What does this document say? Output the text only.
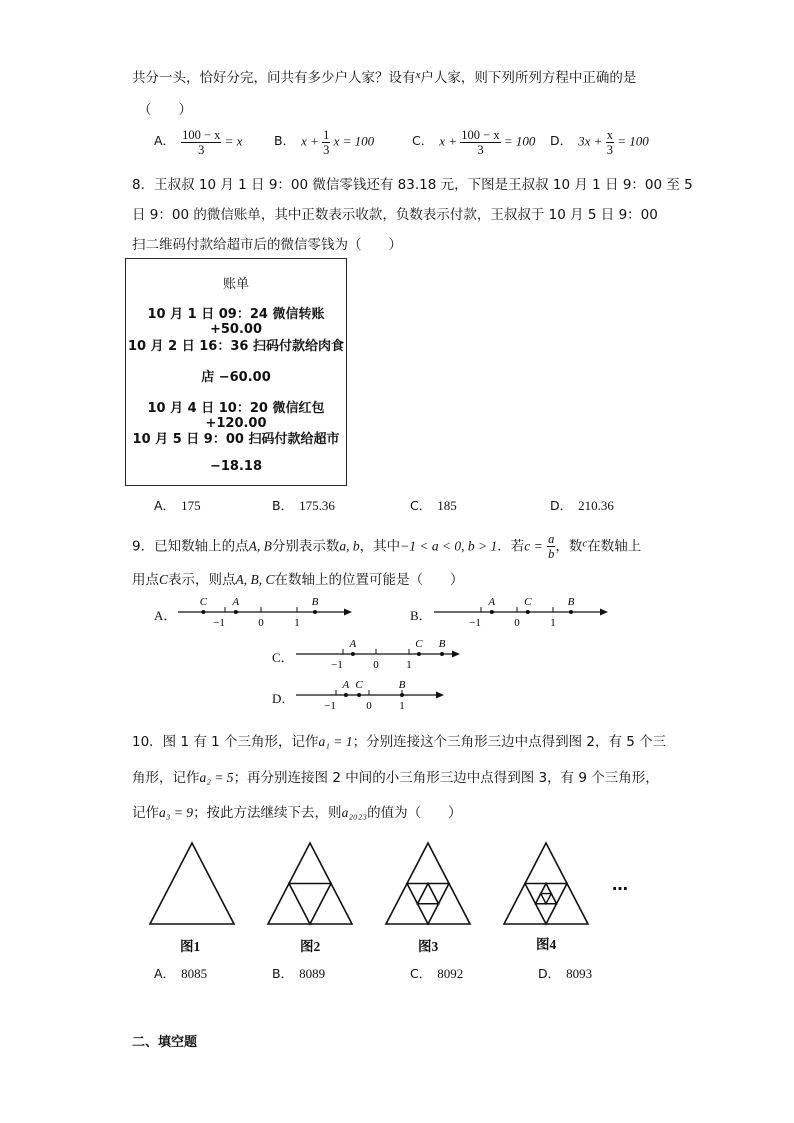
共分一头，恰好分完，问共有多少户人家？设有$^x$户人家，则下列所列方程中正确的是
（　　）
A． $\frac{100 - x}{3} = x$	B． $x + \frac{1}{3}$ x = 100	C． $x + \frac{100 - x}{3} = 100$ D． $3x + \frac{x}{3} = 100$
8．王叔叔 10 月 1 日 9：00 微信零钱还有 83.18 元，下图是王叔叔 10 月 1 日 9：00 至 5
日 9：00 的微信账单，其中正数表示收款，负数表示付款，王叔叔于 10 月 5 日 9：00
扫二维码付款给超市后的微信零钱为（　　）
账单
10 月 1 日 09：24 微信转账 +50.00
10 月 2 日 16：36 扫码付款给肉食
店 −60.00
10 月 4 日 10：20 微信红包 +120.00
10 月 5 日 9：00 扫码付款给超市
−18.18
A． 175	B． 175.36	C． 185	D． 210.36
9．已知数轴上的点A, B分别表示数a, b，其中−1 < a < 0, b > 1．若$c = \frac{a}{b}$ ，数$^c$在数轴上
用点C表示，则点A, B, C在数轴上的位置可能是（　　）
A．	−1	0	1
C A	B
B．	−1	0	1
A	C	B
C．	−1	0	1
A	C B
D．	−1	0	1
A C	B
10．图 1 有 1 个三角形，记作a₁ = 1；分别连接这个三角形三边中点得到图 2，有 5 个三
角形，记作a₂ = 5；再分别连接图 2 中间的小三角形三边中点得到图 3，有 9 个三角形，
记作a₃ = 9；按此方法继续下去，则a₂₀₂₃的值为（　　）
…
图1	图2	图3	图4
A． 8085	B． 8089	C． 8092	D． 8093
二、填空题
